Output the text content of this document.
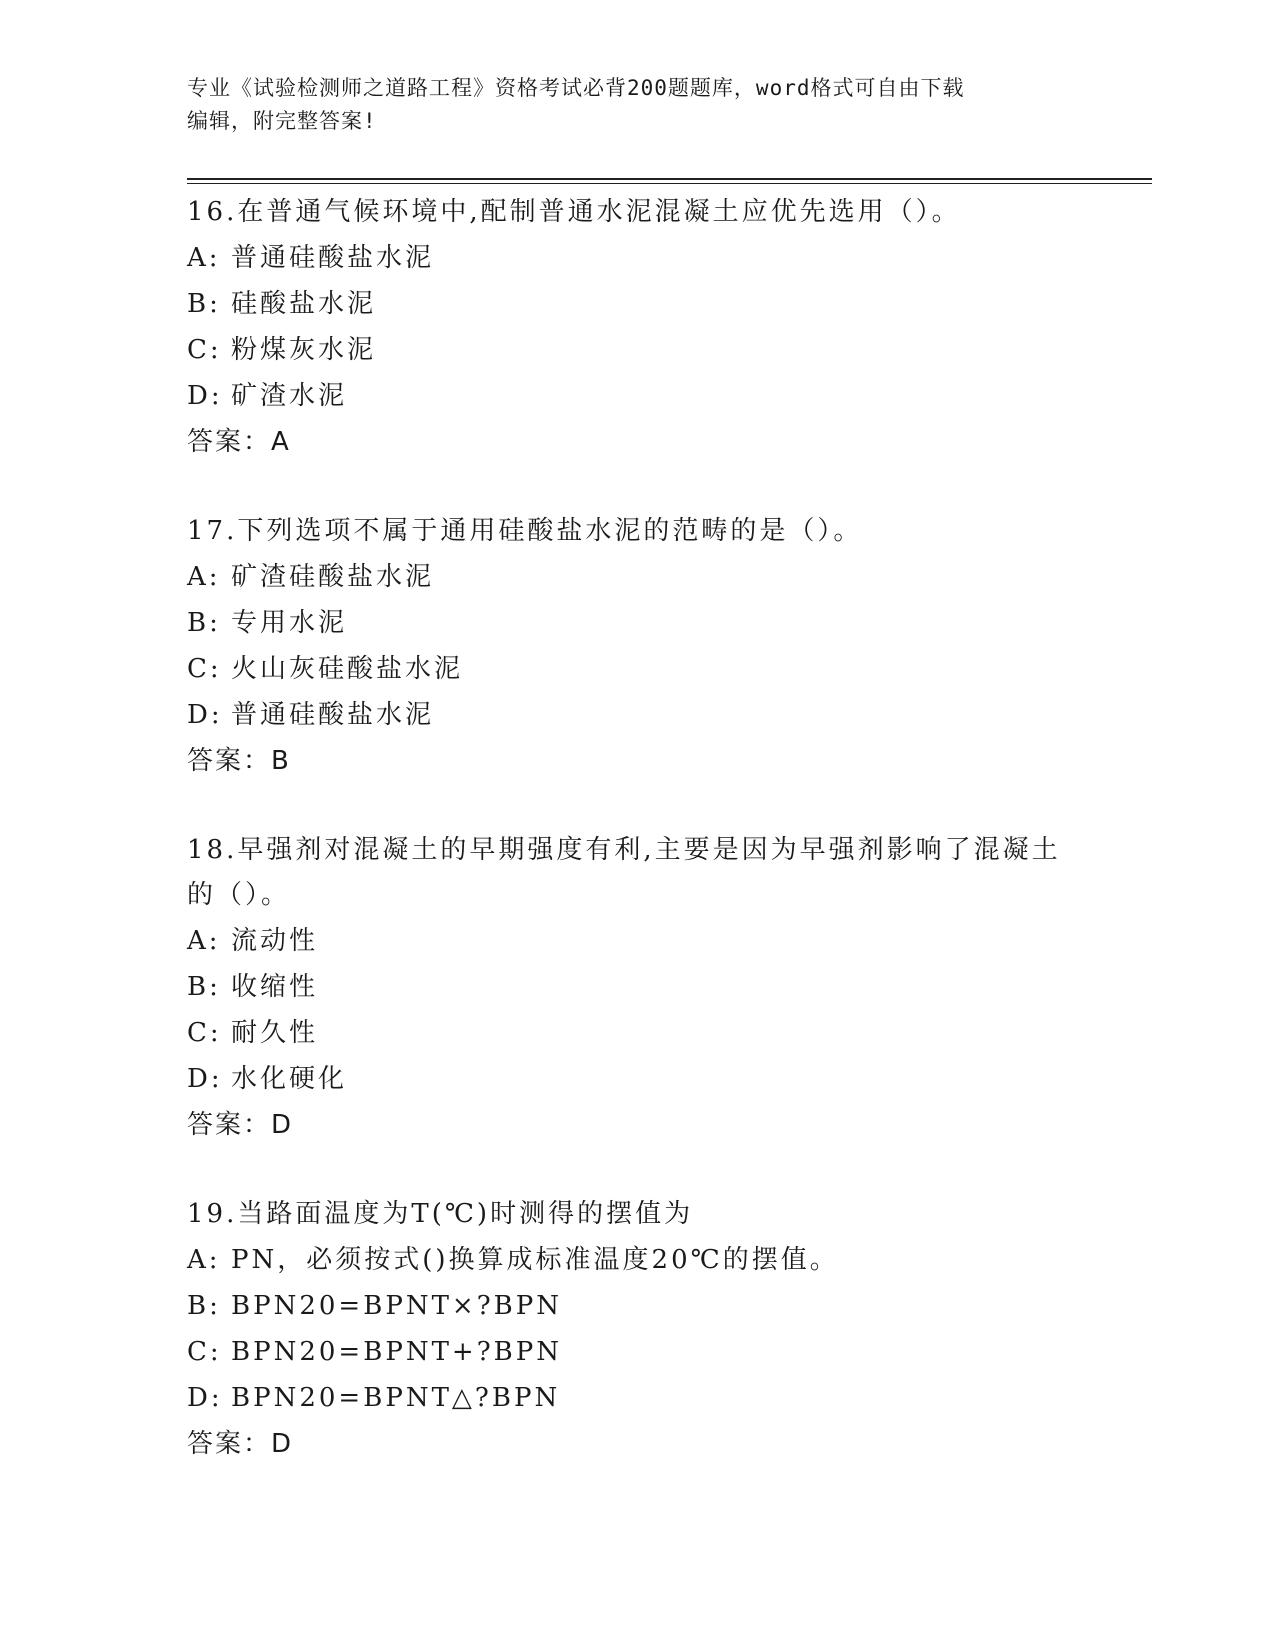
专业《试验检测师之道路工程》资格考试必背200题题库，word格式可自由下载
编辑，附完整答案!
16.在普通气候环境中,配制普通水泥混凝土应优先选用（）。
A: 普通硅酸盐水泥
B: 硅酸盐水泥
C: 粉煤灰水泥
D: 矿渣水泥
答案：A
17.下列选项不属于通用硅酸盐水泥的范畴的是（）。
A: 矿渣硅酸盐水泥
B: 专用水泥
C: 火山灰硅酸盐水泥
D: 普通硅酸盐水泥
答案：B
18.早强剂对混凝土的早期强度有利,主要是因为早强剂影响了混凝土
的（）。
A: 流动性
B: 收缩性
C: 耐久性
D: 水化硬化
答案：D
19.当路面温度为T(℃)时测得的摆值为
A: PN，必须按式()换算成标准温度20℃的摆值。
B: BPN20=BPNT×?BPN
C: BPN20=BPNT+?BPN
D: BPN20=BPNT△?BPN
答案：D
